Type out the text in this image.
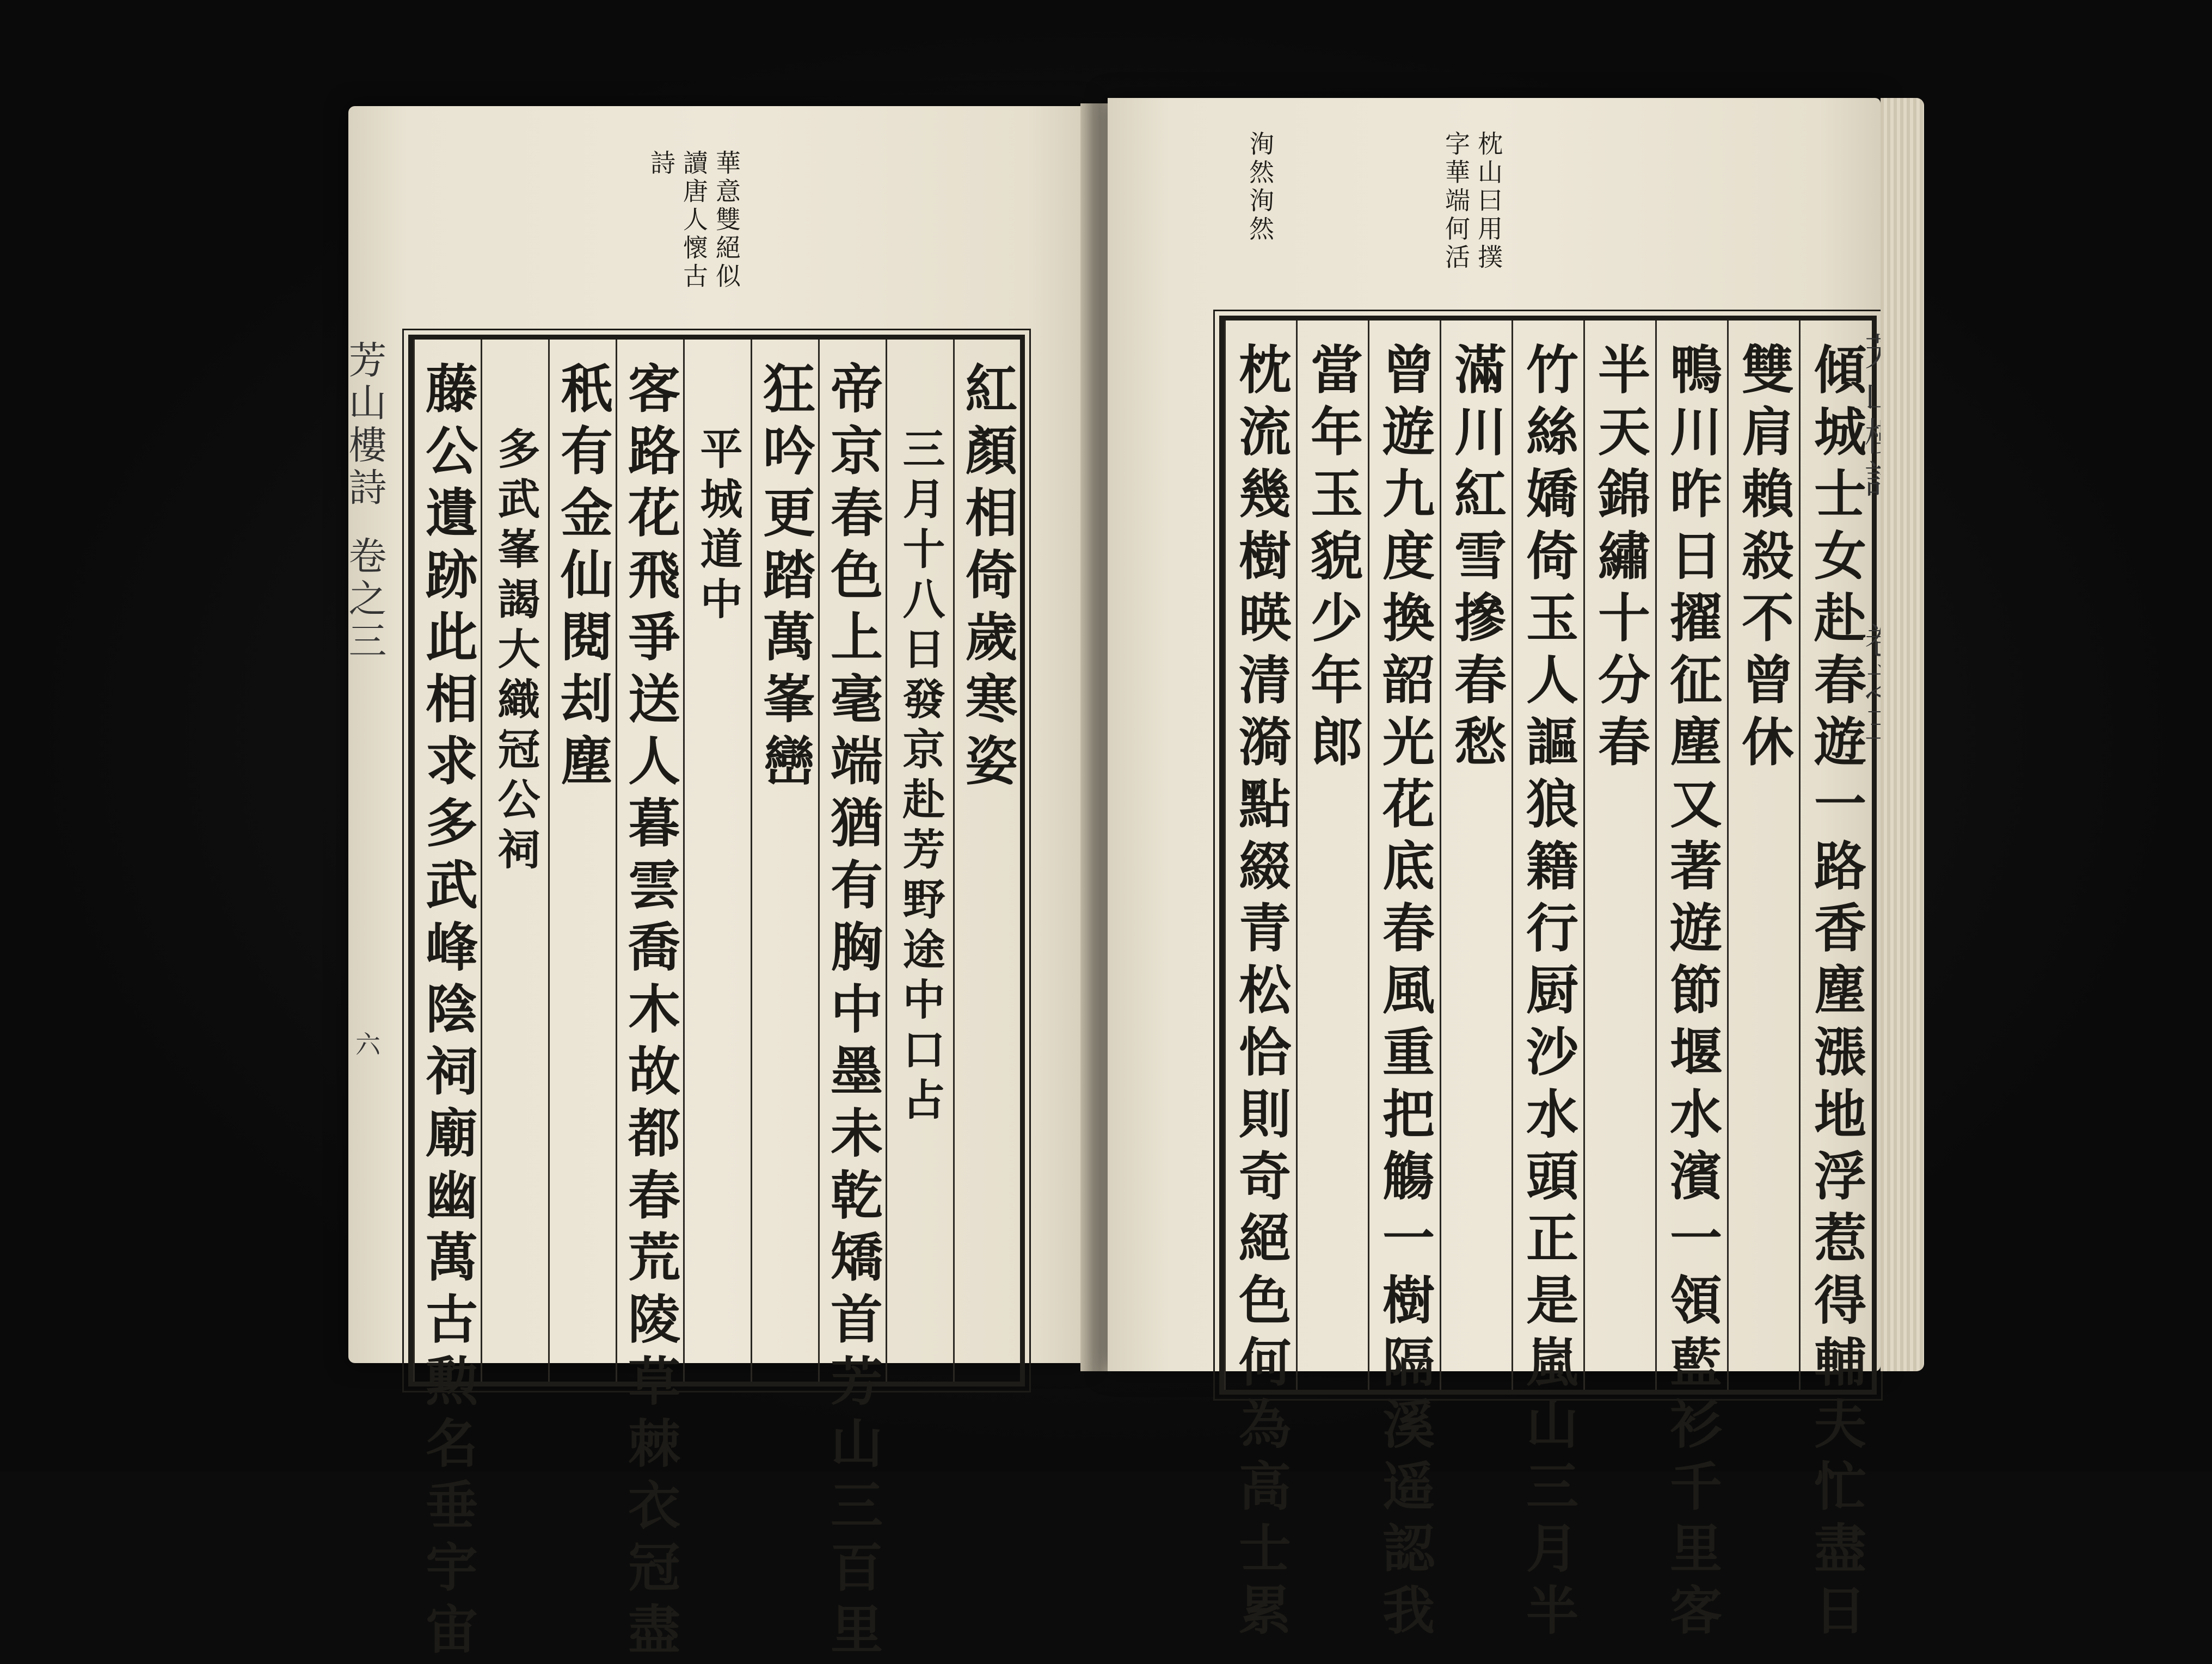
華意雙絕似
讀唐人懷古
詩
芳山樓詩
卷之三
六 藤公遺跡此相求多武峰陰祠廟幽萬古勲名垂宇宙 多武峯謁大織冠公祠 秖有金仙閱刦塵 客路花飛爭送人暮雲喬木故都春荒陵草棘衣冠盡 平城道中 狂吟更踏萬峯巒 帝京春色上毫端猶有胸中墨未乾矯首芳山三百里 三月十八日發京赴芳野途中口占 紅顏相倚歲寒姿
枕山曰用撲
字華端何活
洵然洵然
枕流幾樹暎清漪點綴青松恰則奇絕色何為高士累 當年玉貌少年郎 曾遊九度換韶光花底春風重把觴一樹隔溪遥認我 滿川紅雪摻春愁 竹絲嬌倚玉人謳狼籍行厨沙水頭正是嵐山三月半 半天錦繡十分春 鴨川昨日擢征塵又著遊節堰水濱一領藍衫千里客 雙肩賴殺不曾休 傾城士女赴春遊一路香塵漲地浮惹得輔夫忙盡日
